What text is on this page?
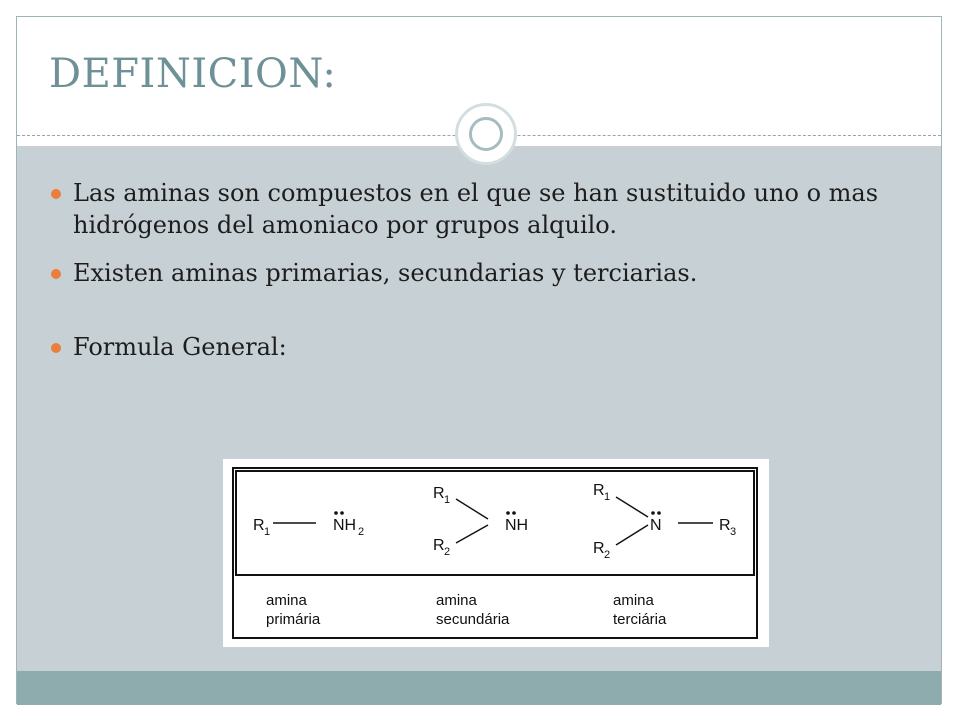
DEFINICION:
Las aminas son compuestos en el que se han sustituido uno o mas hidrógenos del amoniaco por grupos alquilo.
Existen aminas primarias, secundarias y terciarias.
Formula General:
R 1	NH 2
R 1
R 2
NH
R 1
R 2
N	R 3
amina
primária
amina
secundária
amina
terciária
